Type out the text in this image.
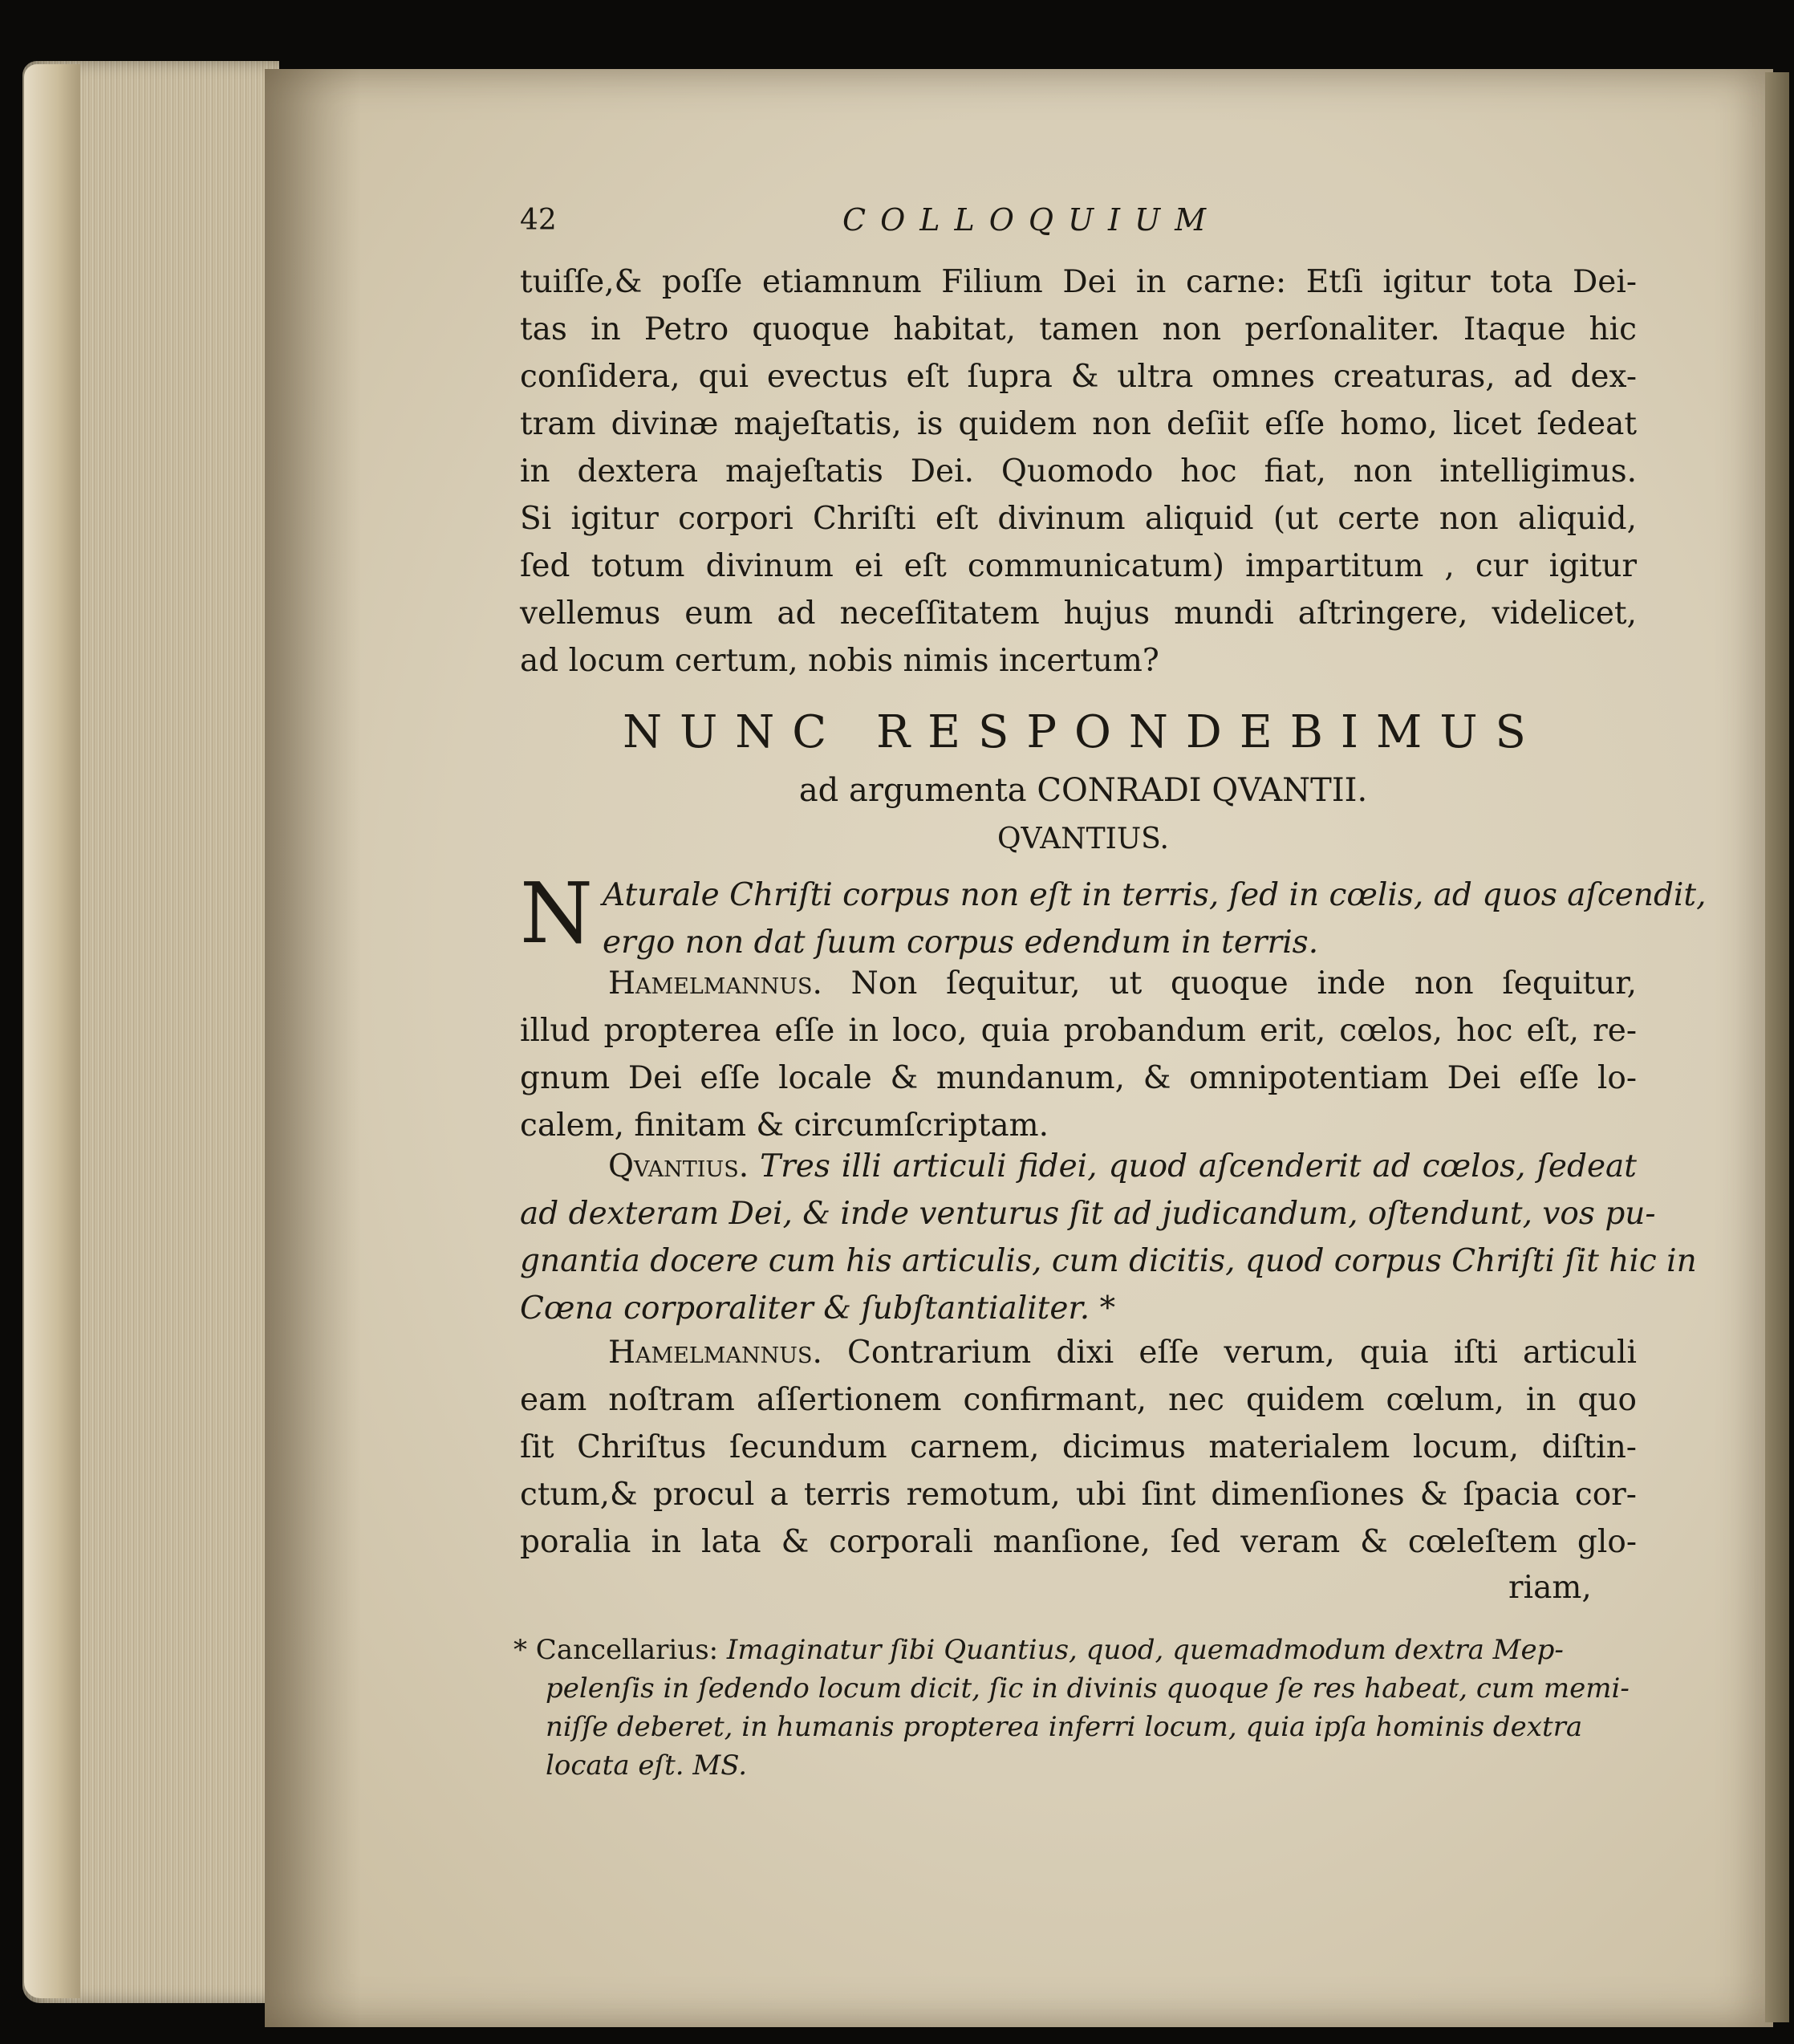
42	COLLOQUIUM
tuiſſe,& poſſe etiamnum Filium Dei in carne: Etſi igitur tota Dei-
tas in Petro quoque habitat, tamen non perſonaliter. Itaque hic
conſidera, qui evectus eſt ſupra & ultra omnes creaturas, ad dex-
tram divinæ majeſtatis, is quidem non deſiit eſſe homo, licet ſedeat
in dextera majeſtatis Dei. Quomodo hoc fiat, non intelligimus.
Si igitur corpori Chriſti eſt divinum aliquid (ut certe non aliquid,
ſed totum divinum ei eſt communicatum) impartitum , cur igitur
vellemus eum ad neceſſitatem hujus mundi aſtringere, videlicet,
ad locum certum, nobis nimis incertum?
NUNC RESPONDEBIMUS
ad argumenta CONRADI QVANTII.
QVANTIUS.
N Aturale Chriſti corpus non eſt in terris, ſed in cœlis, ad quos aſcendit,
ergo non dat ſuum corpus edendum in terris.
Hamelmannus. Non ſequitur, ut quoque inde non ſequitur,
illud propterea eſſe in loco, quia probandum erit, cœlos, hoc eſt, re-
gnum Dei eſſe locale & mundanum, & omnipotentiam Dei eſſe lo-
calem, finitam & circumſcriptam.
Qvantius. Tres illi articuli fidei, quod aſcenderit ad cœlos, ſedeat
ad dexteram Dei, & inde venturus ſit ad judicandum, oſtendunt, vos pu-
gnantia docere cum his articulis, cum dicitis, quod corpus Chriſti ſit hic in
Cœna corporaliter & ſubſtantialiter. *
Hamelmannus. Contrarium dixi eſſe verum, quia iſti articuli
eam noſtram aſſertionem confirmant, nec quidem cœlum, in quo
ſit Chriſtus ſecundum carnem, dicimus materialem locum, diſtin-
ctum,& procul a terris remotum, ubi ſint dimenſiones & ſpacia cor-
poralia in lata & corporali manſione, ſed veram & cœleſtem glo-
riam,
* Cancellarius: Imaginatur ſibi Quantius, quod, quemadmodum dextra Mep-
pelenſis in ſedendo locum dicit, ſic in divinis quoque ſe res habeat, cum memi-
niſſe deberet, in humanis propterea inferri locum, quia ipſa hominis dextra
locata eſt. MS.
